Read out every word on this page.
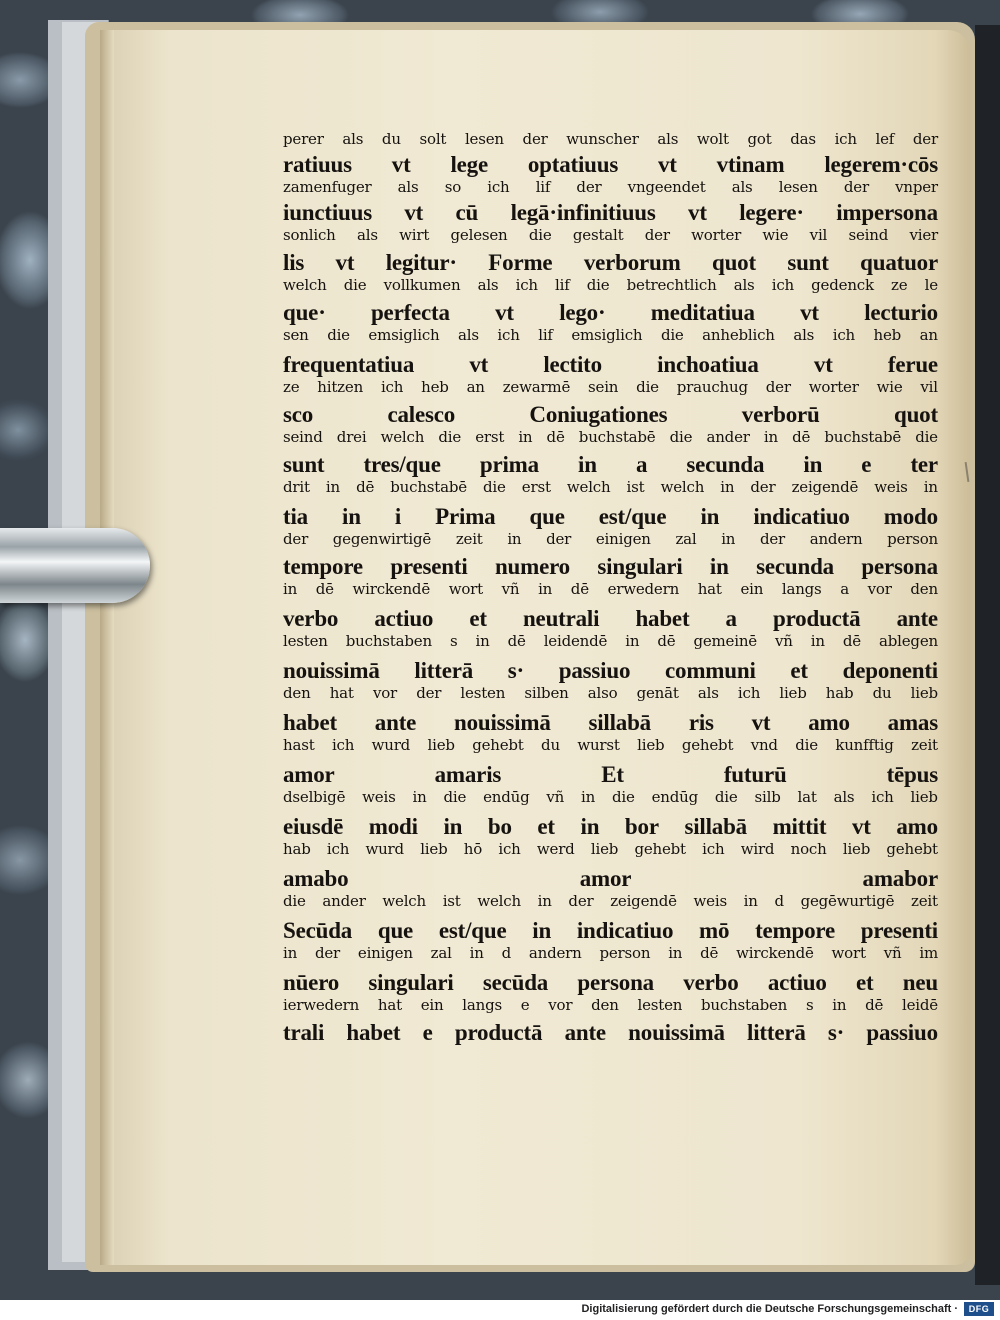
perer als du solt lesen der wunscher als wolt got das ich lef der
ratiuus vt lege optatiuus vt vtinam legerem·cōs
zamenfuger als so ich lif der vngeendet als lesen der vnper
iunctiuus vt cū legā·infinitiuus vt legere· impersona
sonlich als wirt gelesen die gestalt der worter wie vil seind vier
lis vt legitur· Forme verborum quot sunt quatuor
welch die vollkumen als ich lif die betrechtlich als ich gedenck ze le
que· perfecta vt lego· meditatiua vt lecturio
sen die emsiglich als ich lif emsiglich die anheblich als ich heb an
frequentatiua vt lectito inchoatiua vt ferue
ze hitzen ich heb an zewarmē sein die prauchug der worter wie vil
sco	calesco	Coniugationes	verborū	quot
seind drei welch die erst in dē buchstabē die ander in dē buchstabē die
sunt tres/que prima in a secunda in e ter
drit in dē buchstabē die erst welch ist welch in der zeigendē weis in
tia in i Prima que est/que in indicatiuo modo
der gegenwirtigē zeit in der einigen zal in der andern person
tempore presenti numero singulari in secunda persona
in dē wirckendē wort vñ in dē erwedern hat ein langs a vor den
verbo actiuo et neutrali habet a productā ante
lesten buchstaben s in dē leidendē in dē gemeinē vñ in dē ablegen
nouissimā litterā s· passiuo communi et deponenti
den hat vor der lesten silben also genāt als ich lieb hab du lieb
habet ante nouissimā sillabā ris vt amo amas
hast ich wurd lieb gehebt du wurst lieb gehebt vnd die kunfftig zeit
amor	amaris	Et	futurū	tēpus
dselbigē weis in die endūg vñ in die endūg die silb lat als ich lieb
eiusdē modi in bo et in bor sillabā mittit vt amo
hab ich wurd lieb hō ich werd lieb gehebt ich wird noch lieb gehebt
amabo	amor	amabor
die ander welch ist welch in der zeigendē weis in d gegēwurtigē zeit
Secūda que est/que in indicatiuo mō tempore presenti
in der einigen zal in d andern person in dē wirckendē wort vñ im
nūero singulari secūda persona verbo actiuo et neu
ierwedern hat ein langs e vor den lesten buchstaben s in dē leidē
trali habet e productā ante nouissimā litterā s· passiuo
Digitalisierung gefördert durch die Deutsche Forschungsgemeinschaft ·	DFG
